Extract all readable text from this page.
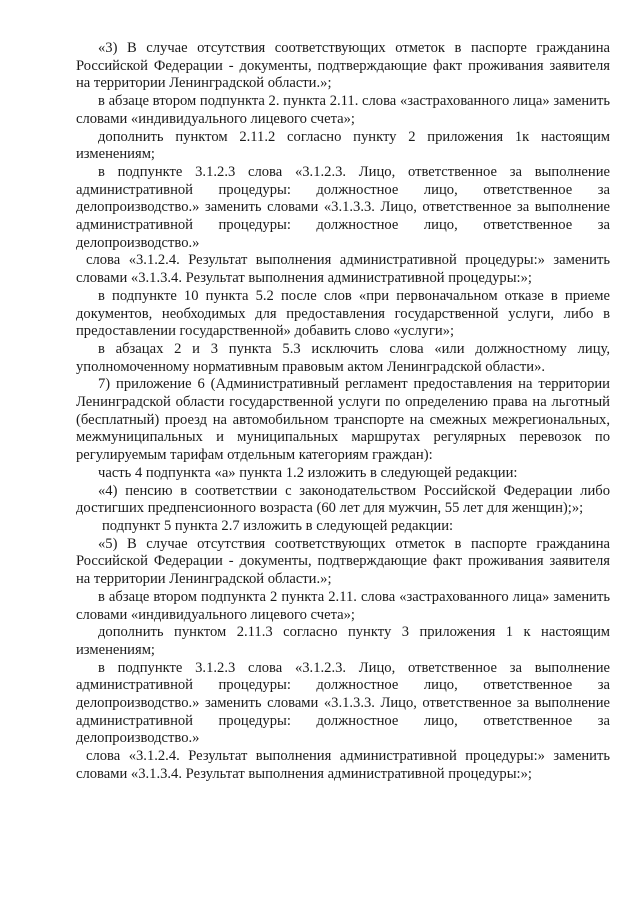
«3) В случае отсутствия соответствующих отметок в паспорте гражданина Российской Федерации - документы, подтверждающие факт проживания заявителя на территории Ленинградской области.»;

в абзаце втором подпункта 2. пункта 2.11. слова «застрахованного лица» заменить словами «индивидуального лицевого счета»;

дополнить пунктом 2.11.2 согласно пункту 2 приложения 1к настоящим изменениям;

в подпункте 3.1.2.3 слова «3.1.2.3. Лицо, ответственное за выполнение административной процедуры: должностное лицо, ответственное за делопроизводство.» заменить словами «3.1.3.3. Лицо, ответственное за выполнение административной процедуры: должностное лицо, ответственное за делопроизводство.»

слова «3.1.2.4. Результат выполнения административной процедуры:» заменить словами «3.1.3.4. Результат выполнения административной процедуры:»;

в подпункте 10 пункта 5.2 после слов «при первоначальном отказе в приеме документов, необходимых для предоставления государственной услуги, либо в предоставлении государственной» добавить слово «услуги»;

в абзацах 2 и 3 пункта 5.3 исключить слова «или должностному лицу, уполномоченному нормативным правовым актом Ленинградской области».

7) приложение 6 (Административный регламент предоставления на территории Ленинградской области государственной услуги по определению права на льготный (бесплатный) проезд на автомобильном транспорте на смежных межрегиональных, межмуниципальных и муниципальных маршрутах регулярных перевозок по регулируемым тарифам отдельным категориям граждан):

часть 4 подпункта «а» пункта 1.2 изложить в следующей редакции:

«4) пенсию в соответствии с законодательством Российской Федерации либо достигших предпенсионного возраста (60 лет для мужчин, 55 лет для женщин);»;

подпункт 5 пункта 2.7 изложить в следующей редакции:

«5) В случае отсутствия соответствующих отметок в паспорте гражданина Российской Федерации - документы, подтверждающие факт проживания заявителя на территории Ленинградской области.»;

в абзаце втором подпункта 2 пункта 2.11. слова «застрахованного лица» заменить словами «индивидуального лицевого счета»;

дополнить пунктом 2.11.3 согласно пункту 3 приложения 1 к настоящим изменениям;

в подпункте 3.1.2.3 слова «3.1.2.3. Лицо, ответственное за выполнение административной процедуры: должностное лицо, ответственное за делопроизводство.» заменить словами «3.1.3.3. Лицо, ответственное за выполнение административной процедуры: должностное лицо, ответственное за делопроизводство.»

слова «3.1.2.4. Результат выполнения административной процедуры:» заменить словами «3.1.3.4. Результат выполнения административной процедуры:»;
